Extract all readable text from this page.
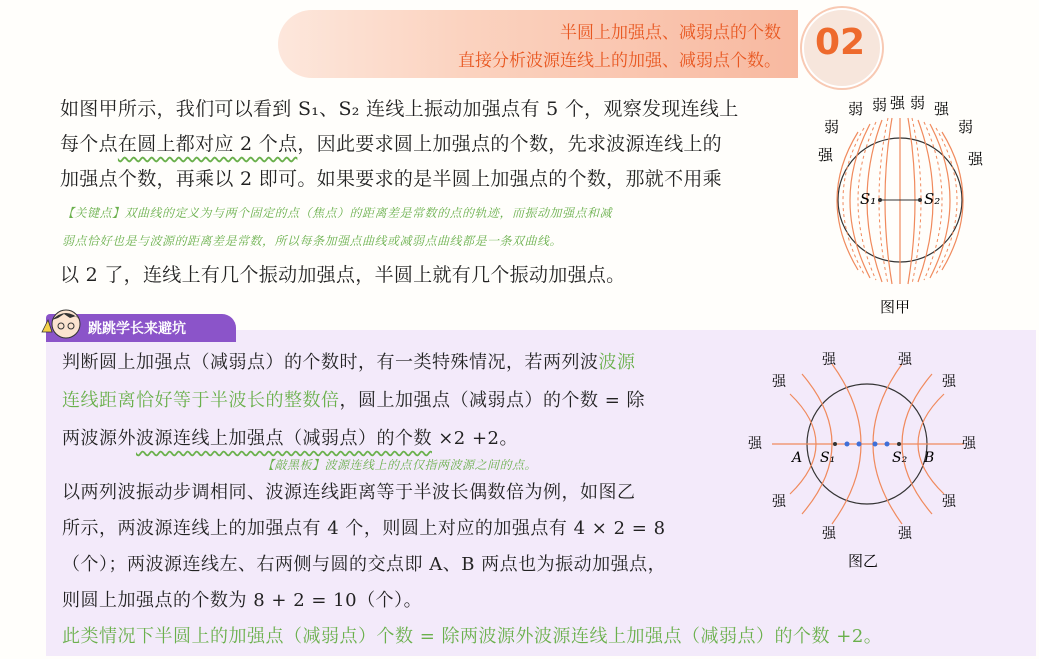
半圆上加强点、减弱点的个数
直接分析波源连线上的加强、减弱点个数。 02
如图甲所示，我们可以看到 S₁、S₂ 连线上振动加强点有 5 个，观察发现连线上
每个点在圆上都对应 2 个点，因此要求圆上加强点的个数，先求波源连线上的
加强点个数，再乘以 2 即可。如果要求的是半圆上加强点的个数，那就不用乘
【关键点】双曲线的定义为与两个固定的点（焦点）的距离差是常数的点的轨迹，而振动加强点和减
弱点恰好也是与波源的距离差是常数，所以每条加强点曲线或减弱点曲线都是一条双曲线。
以 2 了，连线上有几个振动加强点，半圆上就有几个振动加强点。
S₁	S₂
弱 弱 强 弱 强
弱
强
弱
强
图甲
跳跳学长来避坑
判断圆上加强点（减弱点）的个数时，有一类特殊情况，若两列波波源
连线距离恰好等于半波长的整数倍，圆上加强点（减弱点）的个数 = 除
两波源外波源连线上加强点（减弱点）的个数 ×2 +2。
【敲黑板】波源连线上的点仅指两波源之间的点。
以两列波振动步调相同、波源连线距离等于半波长偶数倍为例，如图乙
所示，两波源连线上的加强点有 4 个，则圆上对应的加强点有 4 × 2 = 8
（个）；两波源连线左、右两侧与圆的交点即 A、B 两点也为振动加强点，
则圆上加强点的个数为 8 + 2 = 10（个）。
此类情况下半圆上的加强点（减弱点）个数 = 除两波源外波源连线上加强点（减弱点）的个数 +2。
A S₁	S₂ B
强	强
强	强
强	强
强	强
强	强
图乙
